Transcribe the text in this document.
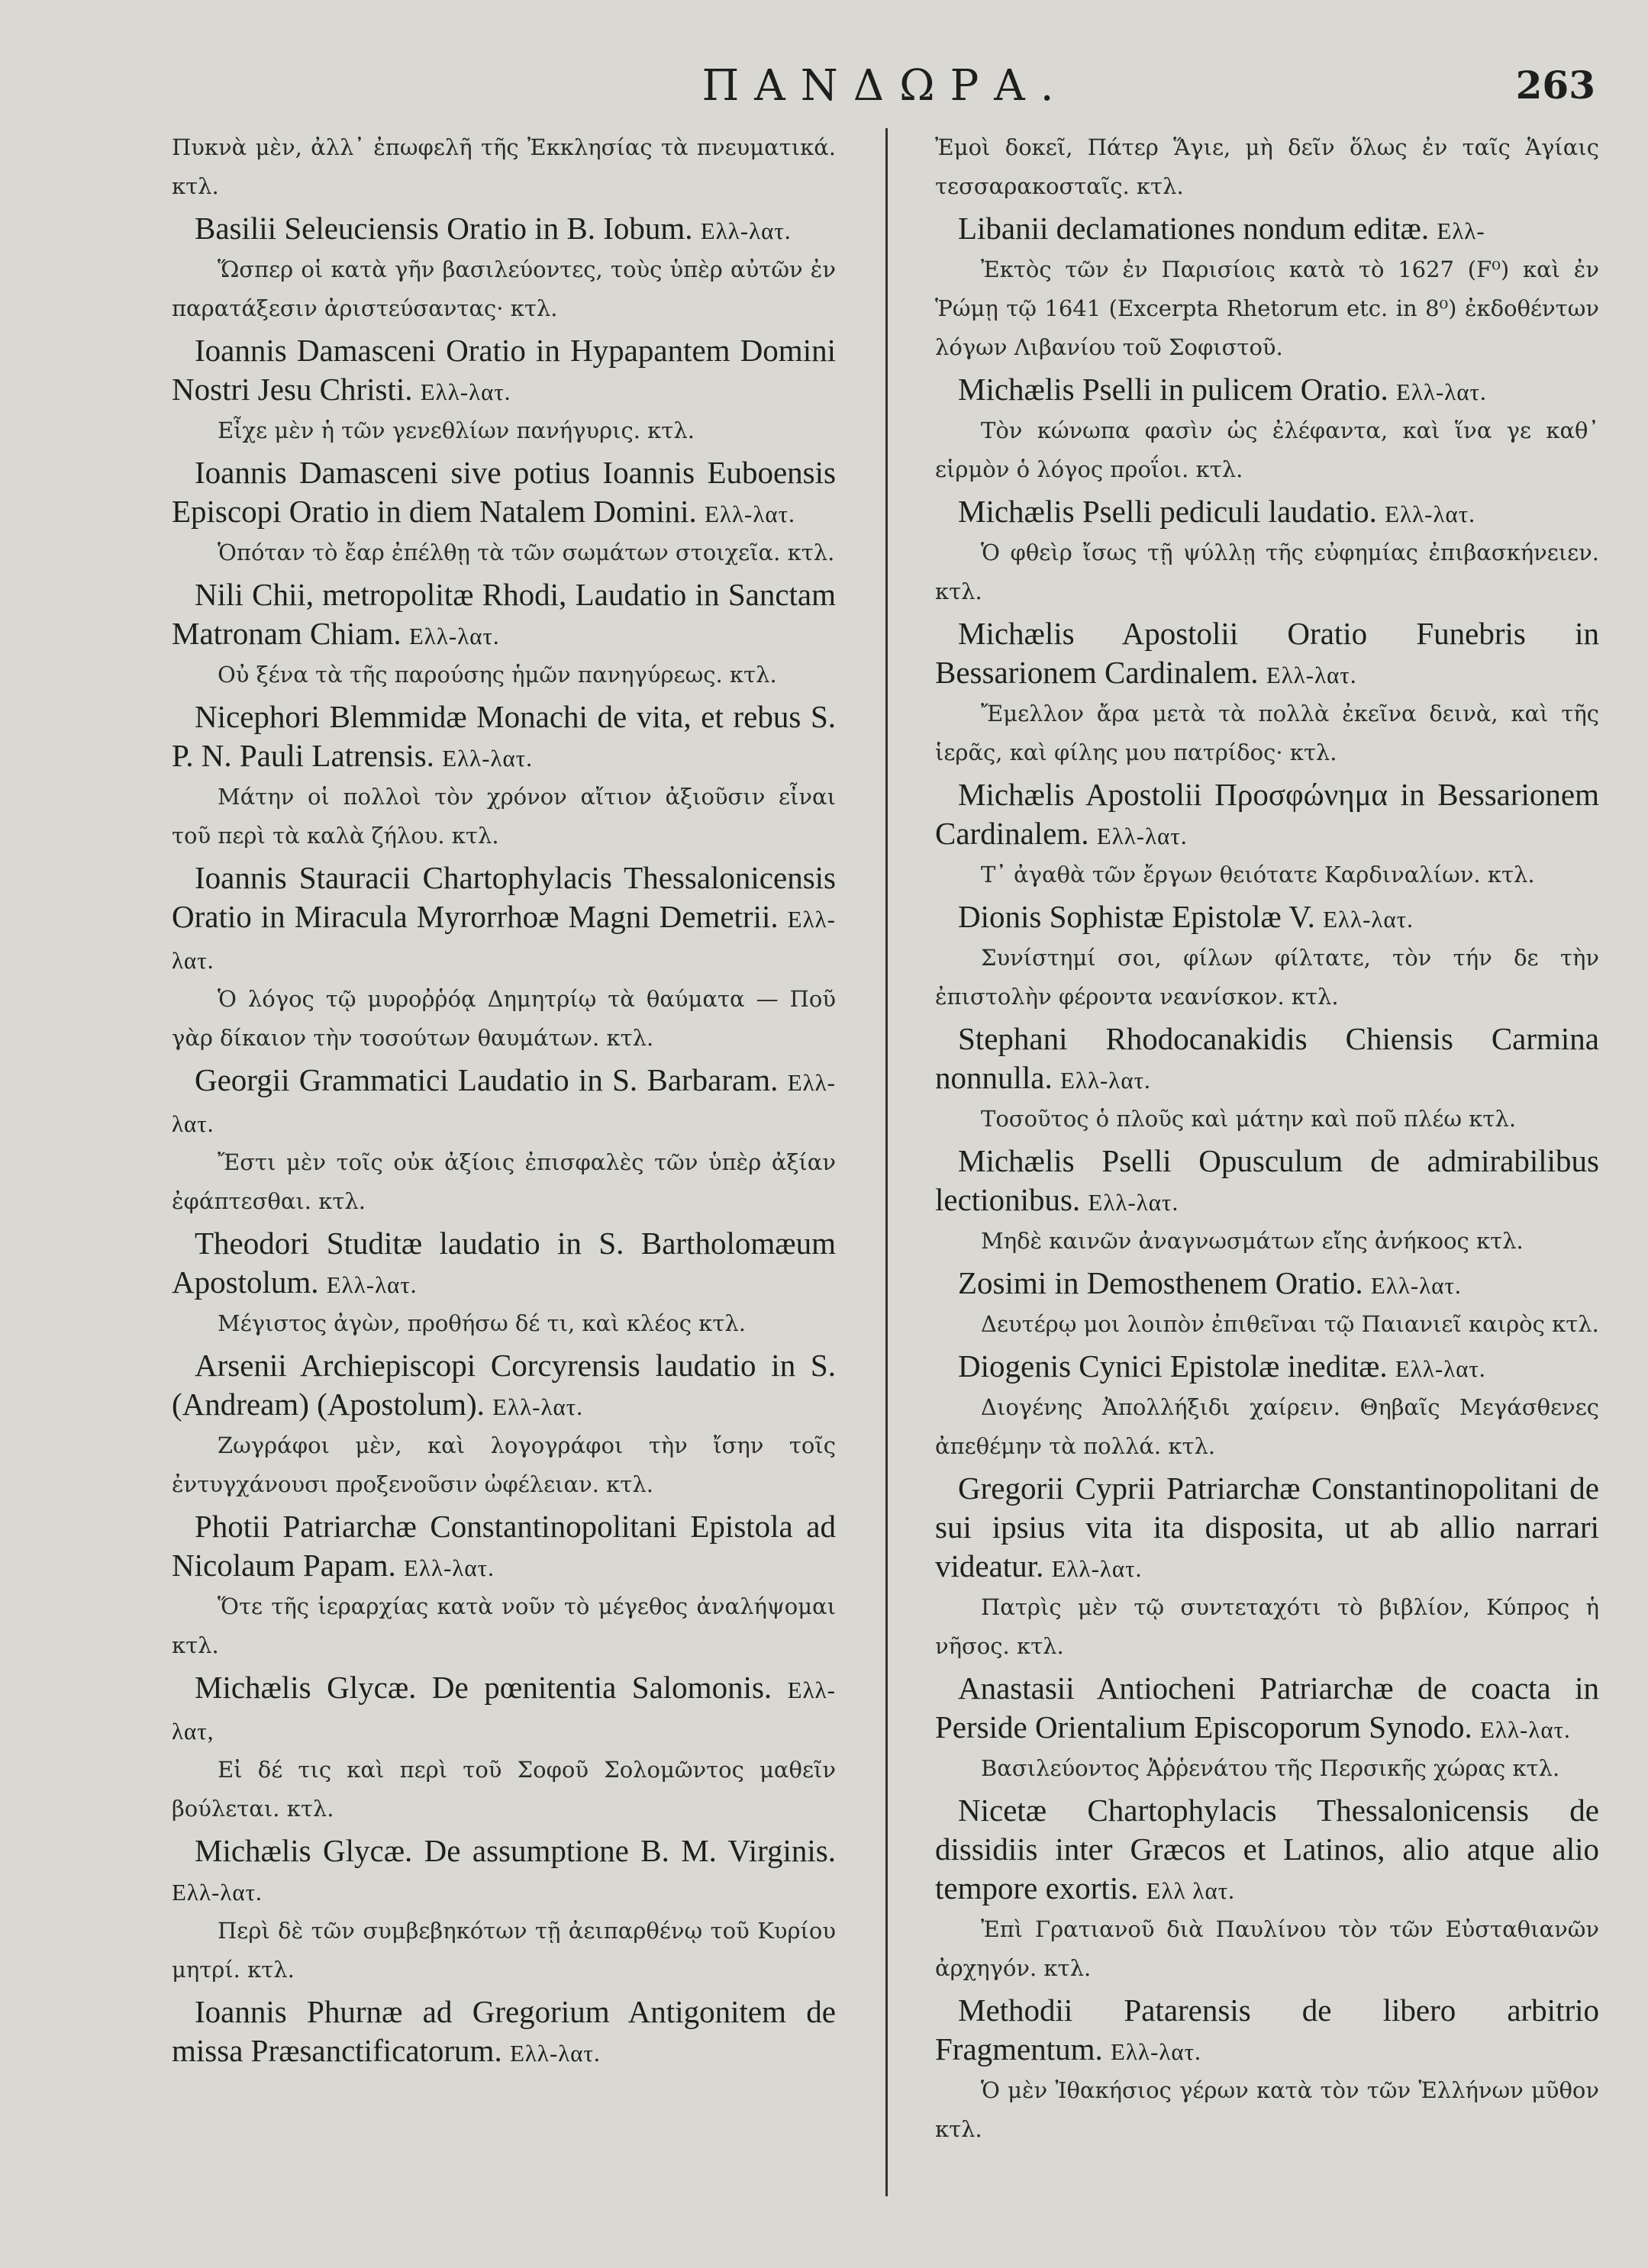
ΠΑΝΔΩΡΑ.	263

Πυκνὰ μὲν, ἀλλ᾿ ἐπωφελῆ τῆς Ἐκκλησίας τὰ πνευματικά. κτλ.

Basilii Seleuciensis Oratio in B. Iobum. Ελλ-λατ.

Ὥσπερ οἱ κατὰ γῆν βασιλεύοντες, τοὺς ὑπὲρ αὐτῶν ἐν παρατάξεσιν ἀριστεύσαντας· κτλ.

Ioannis Damasceni Oratio in Hypapantem Domini Nostri Jesu Christi. Ελλ-λατ.

Εἶχε μὲν ἡ τῶν γενεθλίων πανήγυρις. κτλ.

Ioannis Damasceni sive potius Ioannis Euboensis Episcopi Oratio in diem Natalem Domini. Ελλ-λατ.

Ὁπόταν τὸ ἔαρ ἐπέλθῃ τὰ τῶν σωμάτων στοιχεῖα. κτλ.

Nili Chii, metropolitæ Rhodi, Laudatio in Sanctam Matronam Chiam. Ελλ-λατ.

Οὐ ξένα τὰ τῆς παρούσης ἡμῶν πανηγύρεως. κτλ.

Nicephori Blemmidæ Monachi de vita, et rebus S. P. N. Pauli Latrensis. Ελλ-λατ.

Μάτην οἱ πολλοὶ τὸν χρόνον αἴτιον ἀξιοῦσιν εἶναι τοῦ περὶ τὰ καλὰ ζήλου. κτλ.

Ioannis Stauracii Chartophylacis Thessalonicensis Oratio in Miracula Myrorrhoæ Magni Demetrii. Ελλ-λατ.

Ὁ λόγος τῷ μυροῤῥόᾳ Δημητρίῳ τὰ θαύματα — Ποῦ γὰρ δίκαιον τὴν τοσούτων θαυμάτων. κτλ.

Georgii Grammatici Laudatio in S. Barbaram. Ελλ-λατ.

Ἔστι μὲν τοῖς οὐκ ἀξίοις ἐπισφαλὲς τῶν ὑπὲρ ἀξίαν ἐφάπτεσθαι. κτλ.

Theodori Studitæ laudatio in S. Bartholomæum Apostolum. Ελλ-λατ.

Μέγιστος ἀγὼν, προθήσω δέ τι, καὶ κλέος κτλ.

Arsenii Archiepiscopi Corcyrensis laudatio in S. (Andream) (Apostolum). Ελλ-λατ.

Ζωγράφοι μὲν, καὶ λογογράφοι τὴν ἴσην τοῖς ἐντυγχάνουσι προξενοῦσιν ὠφέλειαν. κτλ.

Photii Patriarchæ Constantinopolitani Epistola ad Nicolaum Papam. Ελλ-λατ.

Ὅτε τῆς ἱεραρχίας κατὰ νοῦν τὸ μέγεθος ἀναλήψομαι κτλ.

Michælis Glycæ. De pœnitentia Salomonis. Ελλ-λατ,

Εἰ δέ τις καὶ περὶ τοῦ Σοφοῦ Σολομῶντος μαθεῖν βούλεται. κτλ.

Michælis Glycæ. De assumptione B. M. Virginis. Ελλ-λατ.

Περὶ δὲ τῶν συμβεβηκότων τῇ ἀειπαρθένῳ τοῦ Κυρίου μητρί. κτλ.

Ioannis Phurnæ ad Gregorium Antigonitem de missa Præsanctificatorum. Ελλ-λατ.

Ἐμοὶ δοκεῖ, Πάτερ Ἅγιε, μὴ δεῖν ὅλως ἐν ταῖς Ἁγίαις τεσσαρακοσταῖς. κτλ.

Libanii declamationes nondum editæ. Ελλ-

Ἐκτὸς τῶν ἐν Παρισίοις κατὰ τὸ 1627 (F⁰) καὶ ἐν Ῥώμῃ τῷ 1641 (Excerpta Rhetorum etc. in 8⁰) ἐκδοθέντων λόγων Λιβανίου τοῦ Σοφιστοῦ.

Michælis Pselli in pulicem Oratio. Ελλ-λατ.

Τὸν κώνωπα φασὶν ὡς ἐλέφαντα, καὶ ἵνα γε καθ᾿ εἱρμὸν ὁ λόγος προΐοι. κτλ.

Michælis Pselli pediculi laudatio. Ελλ-λατ.

Ὁ φθεὶρ ἴσως τῇ ψύλλῃ τῆς εὐφημίας ἐπιβασκήνειεν. κτλ.

Michælis Apostolii Oratio Funebris in Bessarionem Cardinalem. Ελλ-λατ.

Ἔμελλον ἄρα μετὰ τὰ πολλὰ ἐκεῖνα δεινὰ, καὶ τῆς ἱερᾶς, καὶ φίλης μου πατρίδος· κτλ.

Michælis Apostolii Προσφώνημα in Bessarionem Cardinalem. Ελλ-λατ.

Τ᾿ ἀγαθὰ τῶν ἔργων θειότατε Καρδιναλίων. κτλ.

Dionis Sophistæ Epistolæ V. Ελλ-λατ.

Συνίστημί σοι, φίλων φίλτατε, τὸν τήν δε τὴν ἐπιστολὴν φέροντα νεανίσκον. κτλ.

Stephani Rhodocanakidis Chiensis Carmina nonnulla. Ελλ-λατ.

Τοσοῦτος ὁ πλοῦς καὶ μάτην καὶ ποῦ πλέω κτλ.

Michælis Pselli Opusculum de admirabilibus lectionibus. Ελλ-λατ.

Μηδὲ καινῶν ἀναγνωσμάτων εἴης ἀνήκοος κτλ.

Zosimi in Demosthenem Oratio. Ελλ-λατ.

Δευτέρῳ μοι λοιπὸν ἐπιθεῖναι τῷ Παιανιεῖ καιρὸς κτλ.

Diogenis Cynici Epistolæ ineditæ. Ελλ-λατ.

Διογένης Ἀπολλήξιδι χαίρειν. Θηβαῖς Μεγάσθενες ἀπεθέμην τὰ πολλά. κτλ.

Gregorii Cyprii Patriarchæ Constantinopolitani de sui ipsius vita ita disposita, ut ab allio narrari videatur. Ελλ-λατ.

Πατρὶς μὲν τῷ συντεταχότι τὸ βιβλίον, Κύπρος ἡ νῆσος. κτλ.

Anastasii Antiocheni Patriarchæ de coacta in Perside Orientalium Episcoporum Synodo. Ελλ-λατ.

Βασιλεύοντος Ἀῤῥενάτου τῆς Περσικῆς χώρας κτλ.

Nicetæ Chartophylacis Thessalonicensis de dissidiis inter Græcos et Latinos, alio atque alio tempore exortis. Ελλ λατ.

Ἐπὶ Γρατιανοῦ διὰ Παυλίνου τὸν τῶν Εὐσταθιανῶν ἀρχηγόν. κτλ.

Methodii Patarensis de libero arbitrio Fragmentum. Ελλ-λατ.

Ὁ μὲν Ἰθακήσιος γέρων κατὰ τὸν τῶν Ἑλλήνων μῦθον κτλ.
